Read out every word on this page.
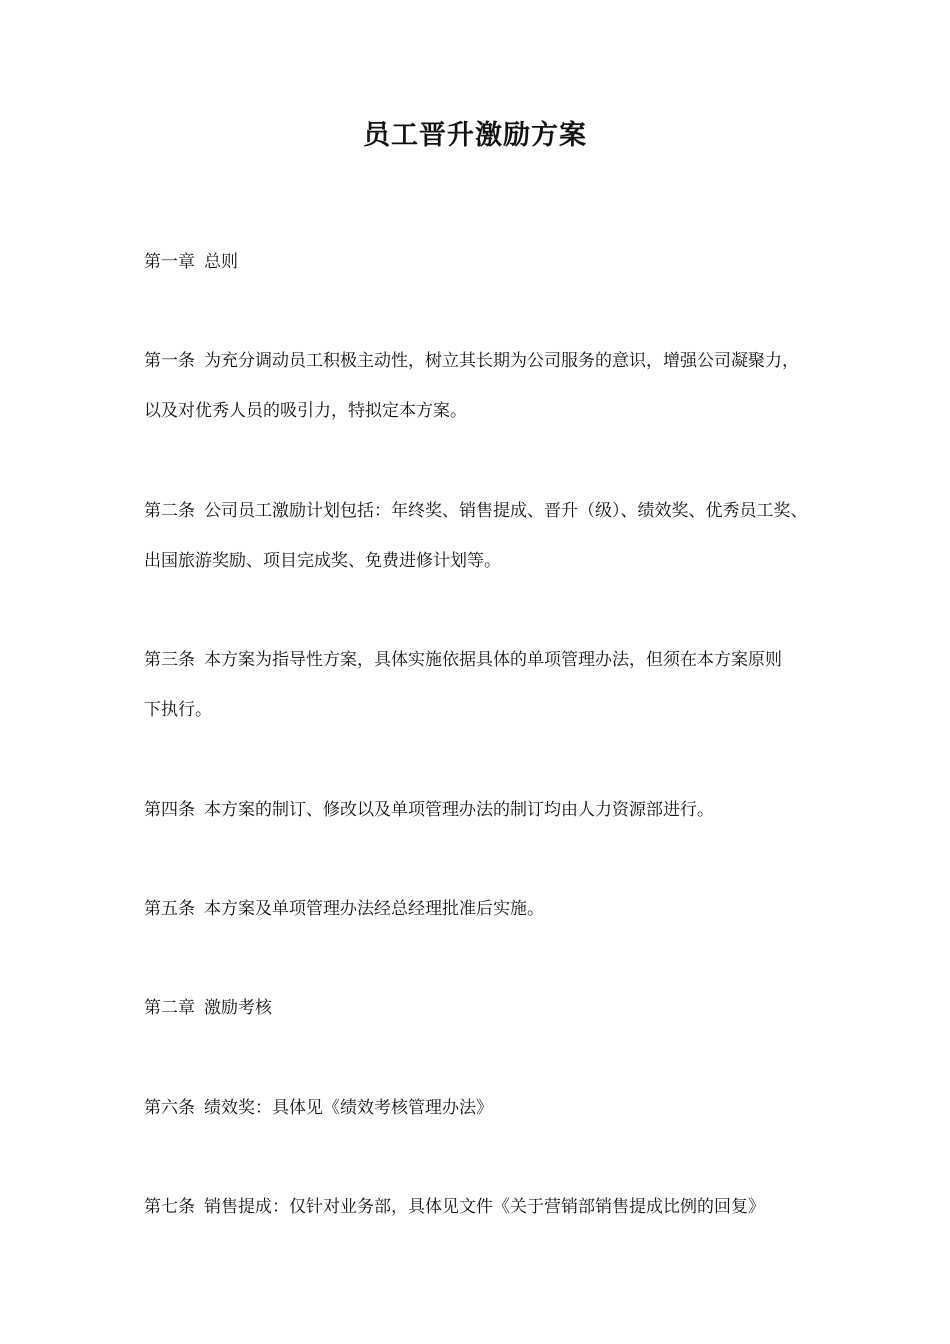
员工晋升激励方案

第一章 总则

第一条 为充分调动员工积极主动性，树立其长期为公司服务的意识，增强公司凝聚力，

以及对优秀人员的吸引力，特拟定本方案。

第二条 公司员工激励计划包括：年终奖、销售提成、晋升（级）、绩效奖、优秀员工奖、

出国旅游奖励、项目完成奖、免费进修计划等。

第三条 本方案为指导性方案，具体实施依据具体的单项管理办法，但须在本方案原则

下执行。

第四条 本方案的制订、修改以及单项管理办法的制订均由人力资源部进行。

第五条 本方案及单项管理办法经总经理批准后实施。

第二章 激励考核

第六条 绩效奖：具体见《绩效考核管理办法》

第七条 销售提成：仅针对业务部，具体见文件《关于营销部销售提成比例的回复》
